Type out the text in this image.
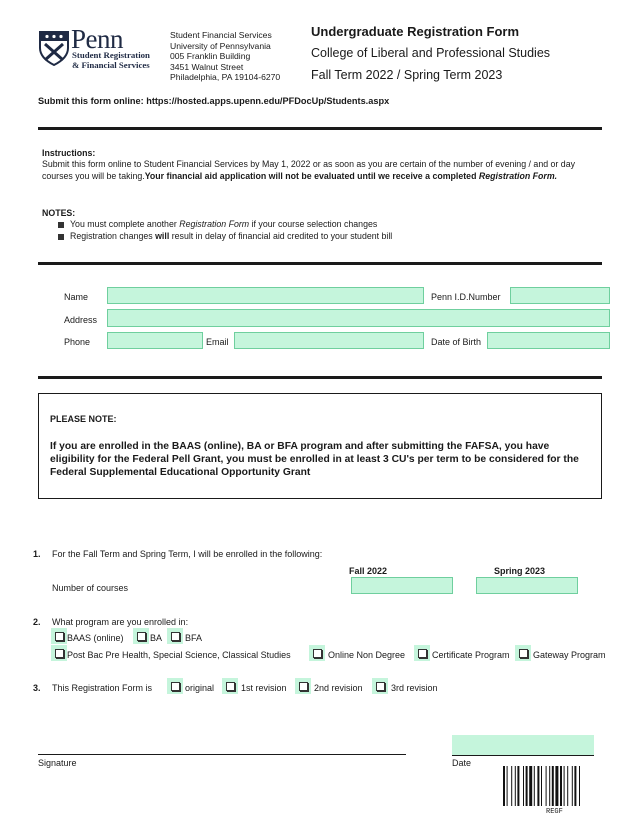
Penn
Student Registration
& Financial Services
Student Financial Services
University of Pennsylvania
005 Franklin Building
3451 Walnut Street
Philadelphia, PA 19104-6270
Undergraduate Registration Form
College of Liberal and Professional Studies
Fall Term 2022 / Spring Term 2023
Submit this form online: https://hosted.apps.upenn.edu/PFDocUp/Students.aspx
Instructions:
Submit this form online to Student Financial Services by May 1, 2022 or as soon as you are certain of the number of evening / and or day courses you will be taking.Your financial aid application will not be evaluated until we receive a completed Registration Form.
NOTES:
You must complete another Registration Form if your course selection changes
Registration changes will result in delay of financial aid credited to your student bill
Name	Penn I.D.Number
Address
Phone	Email	Date of Birth
PLEASE NOTE:
If you are enrolled in the BAAS (online), BA or BFA program and after submitting the FAFSA, you have eligibility for the Federal Pell Grant, you must be enrolled in at least 3 CU's per term to be considered for the Federal Supplemental Educational Opportunity Grant
1. For the Fall Term and Spring Term, I will be enrolled in the following:
Fall 2022	Spring 2023
Number of courses
2. What program are you enrolled in:
BAAS (online)	BA	BFA
Post Bac Pre Health, Special Science, Classical Studies	Online Non Degree	Certificate Program	Gateway Program
3. This Registration Form is	original	1st revision	2nd revision	3rd revision
Signature	Date
REGF
